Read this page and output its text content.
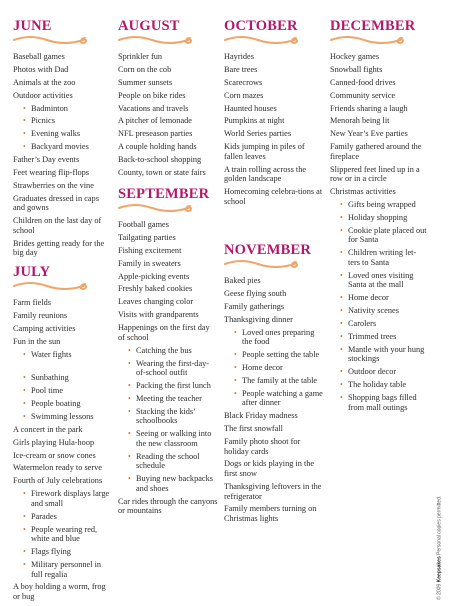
JUNE
Baseball games
Photos with Dad
Animals at the zoo
Outdoor activities
• Badminton
• Picnics
• Evening walks
• Backyard movies
Father’s Day events
Feet wearing flip-flops
Strawberries on the vine
Graduates dressed in caps and gowns
Children on the last day of school
Brides getting ready for the big day
JULY
Farm fields
Family reunions
Camping activities
Fun in the sun
• Water fights
• Sunbathing
• Pool time
• People boating
• Swimming lessons
A concert in the park
Girls playing Hula-hoop
Ice-cream or snow cones
Watermelon ready to serve
Fourth of July celebrations
• Firework displays large and small
• Parades
• People wearing red, white and blue
• Flags flying
• Military personnel in full regalia
A boy holding a worm, frog or bug
AUGUST
Sprinkler fun
Corn on the cob
Summer sunsets
People on bike rides
Vacations and travels
A pitcher of lemonade
NFL preseason parties
A couple holding hands
Back-to-school shopping
County, town or state fairs
SEPTEMBER
Football games
Tailgating parties
Fishing excitement
Family in sweaters
Apple-picking events
Freshly baked cookies
Leaves changing color
Visits with grandparents
Happenings on the first day of school
• Catching the bus
• Wearing the first-day-of-school outfit
• Packing the first lunch
• Meeting the teacher
• Stacking the kids’ schoolbooks
• Seeing or walking into the new classroom
• Reading the school schedule
• Buying new backpacks and shoes
Car rides through the canyons or mountains
OCTOBER
Hayrides
Bare trees
Scarecrows
Corn mazes
Haunted houses
Pumpkins at night
World Series parties
Kids jumping in piles of fallen leaves
A train rolling across the golden landscape
Homecoming celebra-tions at school
NOVEMBER
Baked pies
Geese flying south
Family gatherings
Thanksgiving dinner
• Loved ones preparing the food
• People setting the table
• Home decor
• The family at the table
• People watching a game after dinner
Black Friday madness
The first snowfall
Family photo shoot for holiday cards
Dogs or kids playing in the first snow
Thanksgiving leftovers in the refrigerator
Family members turning on Christmas lights
DECEMBER
Hockey games
Snowball fights
Canned-food drives
Community service
Friends sharing a laugh
Menorah being lit
New Year’s Eve parties
Family gathered around the fireplace
Slippered feet lined up in a row or in a circle
Christmas activities
• Gifts being wrapped
• Holiday shopping
• Cookie plate placed out for Santa
• Children writing let-ters to Santa
• Loved ones visiting Santa at the mall
• Home decor
• Nativity scenes
• Carolers
• Trimmed trees
• Mantle with your hung stockings
• Outdoor decor
• The holiday table
• Shopping bags filled from mall outings
© 2009 Keepsakes Personal copies permitted.
